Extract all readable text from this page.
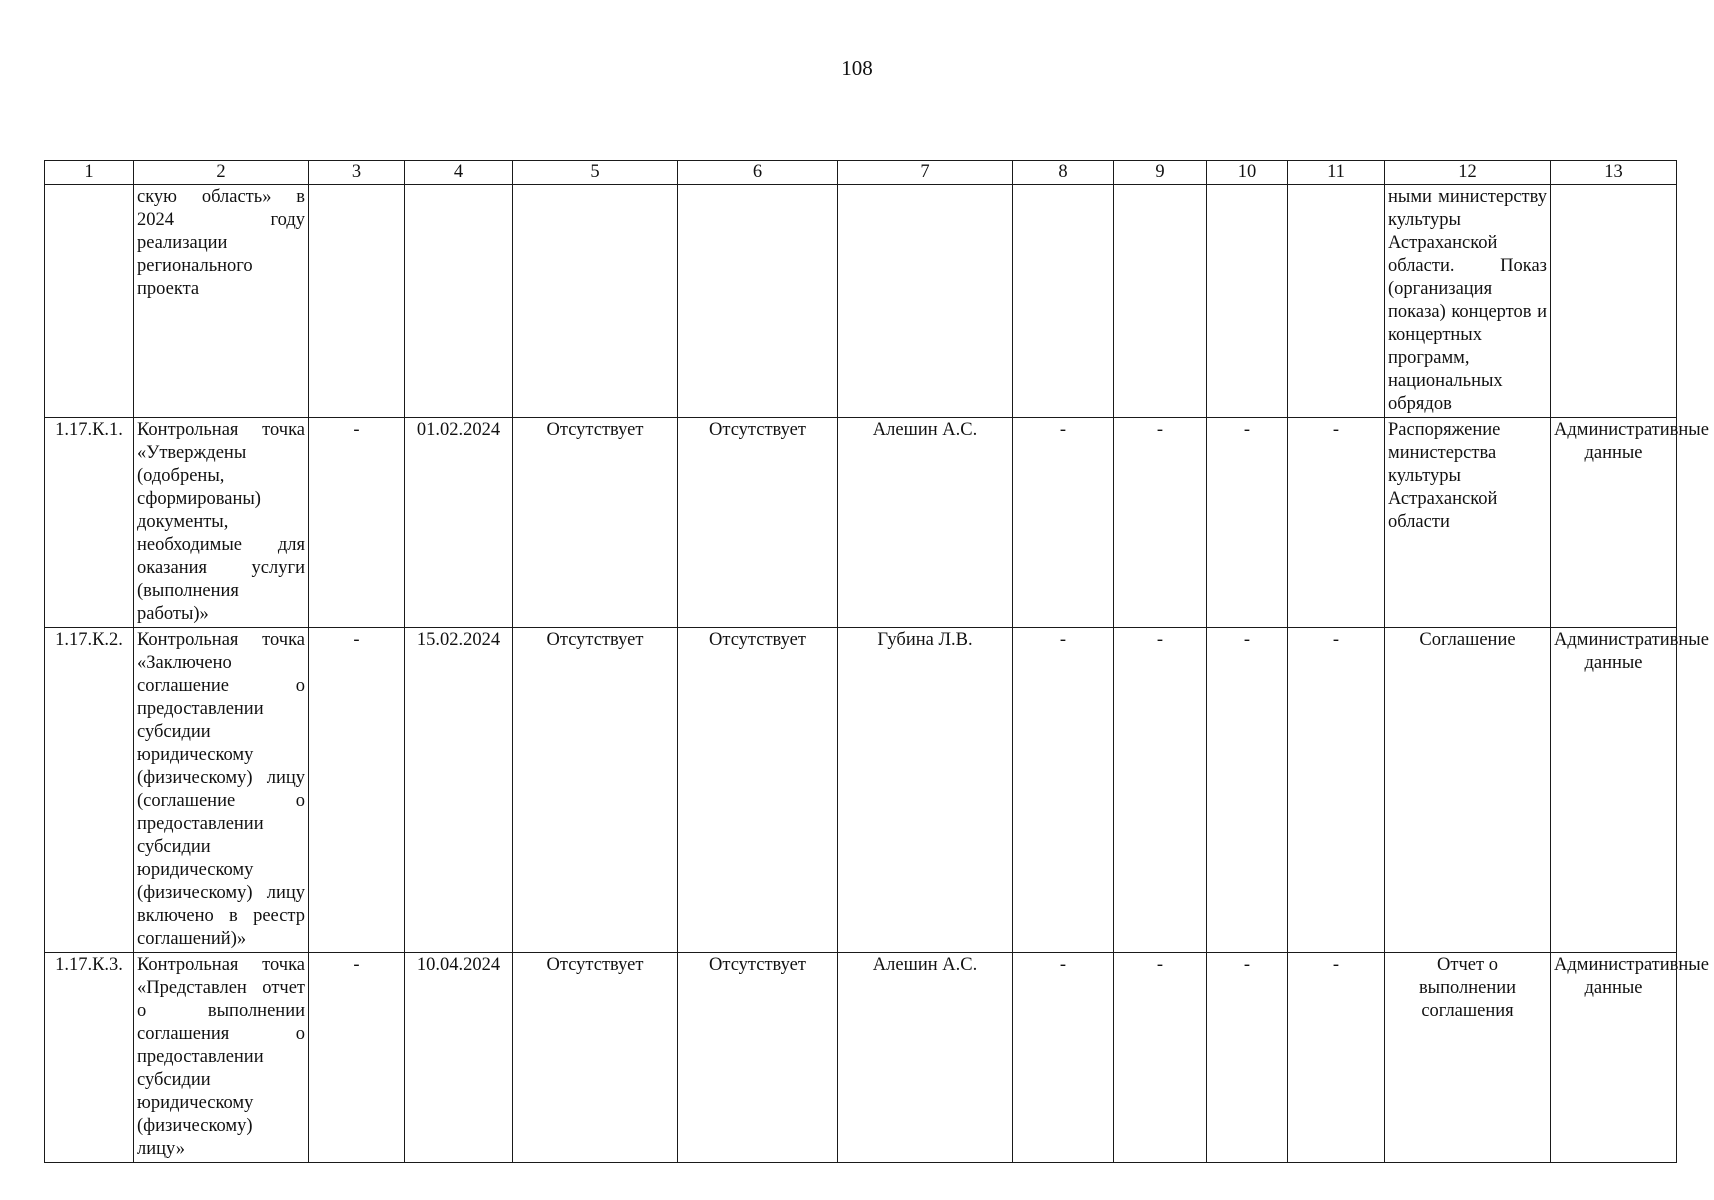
108
1	2	3	4	5	6	7	8	9	10	11	12	13
	скую область» в 2024 году реализации регионального проекта										ными министерству культуры Астраханской области. Показ (организация показа) концертов и концертных программ, национальных обрядов	
1.17.К.1.	Контрольная точка «Утверждены (одобрены, сформированы) документы, необходимые для оказания услуги (выполнения работы)»	-	01.02.2024	Отсутствует	Отсутствует	Алешин А.С.	-	-	-	-	Распоряжение министерства культуры Астраханской области	Административные данные
1.17.К.2.	Контрольная точка «Заключено соглашение о предоставлении субсидии юридическому (физическому) лицу (соглашение о предоставлении субсидии юридическому (физическому) лицу включено в реестр соглашений)»	-	15.02.2024	Отсутствует	Отсутствует	Губина Л.В.	-	-	-	-	Соглашение	Административные данные
1.17.К.3.	Контрольная точка «Представлен отчет о выполнении соглашения о предоставлении субсидии юридическому (физическому) лицу»	-	10.04.2024	Отсутствует	Отсутствует	Алешин А.С.	-	-	-	-	Отчет о выполнении соглашения	Административные данные
